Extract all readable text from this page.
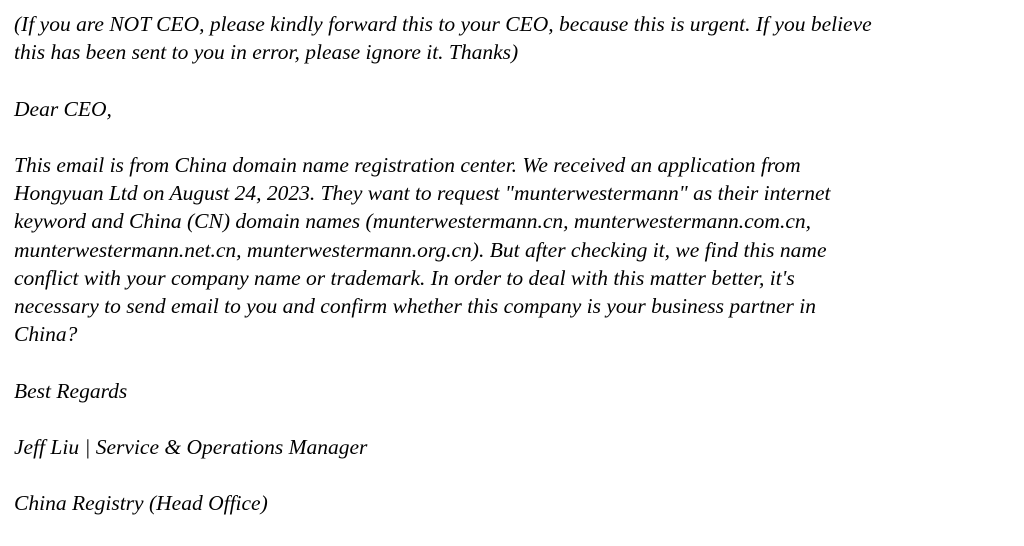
(If you are NOT CEO, please kindly forward this to your CEO, because this is urgent. If you believe
this has been sent to you in error, please ignore it. Thanks)

Dear CEO,

This email is from China domain name registration center. We received an application from
Hongyuan Ltd on August 24, 2023. They want to request "munterwestermann" as their internet
keyword and China (CN) domain names (munterwestermann.cn, munterwestermann.com.cn,
munterwestermann.net.cn, munterwestermann.org.cn). But after checking it, we find this name
conflict with your company name or trademark. In order to deal with this matter better, it's
necessary to send email to you and confirm whether this company is your business partner in
China?

Best Regards

Jeff Liu | Service & Operations Manager

China Registry (Head Office)
